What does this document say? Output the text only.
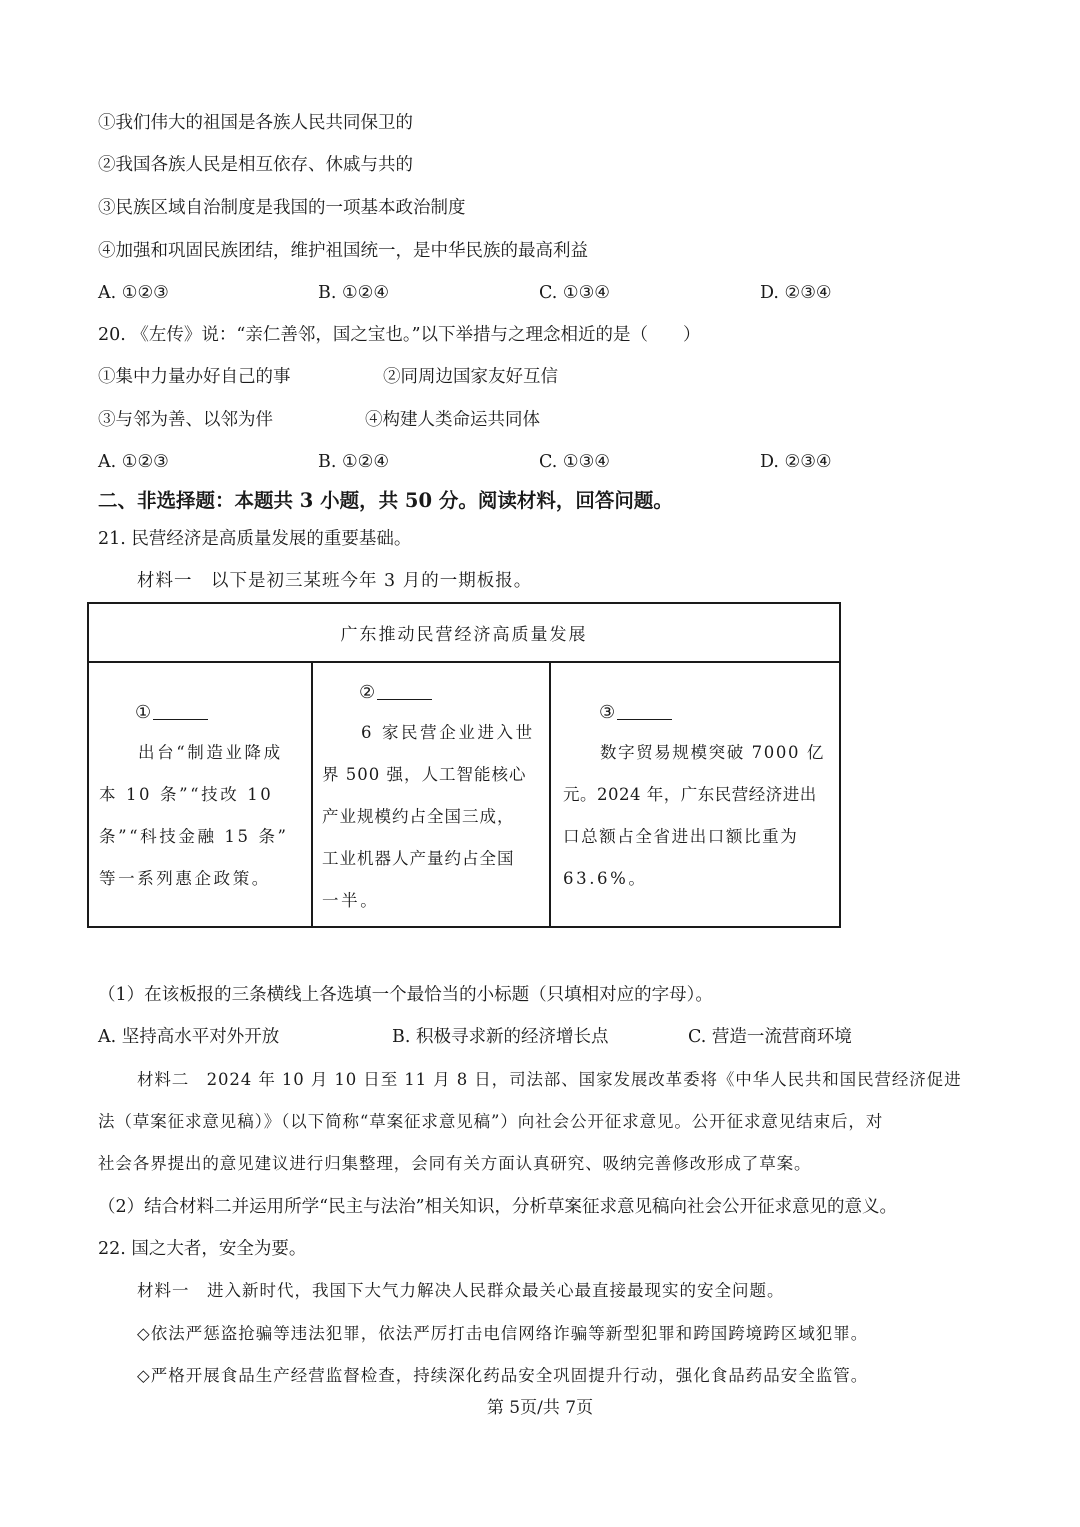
①我们伟大的祖国是各族人民共同保卫的
②我国各族人民是相互依存、休戚与共的
③民族区域自治制度是我国的一项基本政治制度
④加强和巩固民族团结，维护祖国统一，是中华民族的最高利益
A. ①②③	B. ①②④	C. ①③④	D. ②③④
20. 《左传》说：“亲仁善邻，国之宝也。”以下举措与之理念相近的是（　　）
①集中力量办好自己的事	②同周边国家友好互信
③与邻为善、以邻为伴	④构建人类命运共同体
A. ①②③	B. ①②④	C. ①③④	D. ②③④
二、非选择题：本题共 3 小题，共 50 分。阅读材料，回答问题。
21. 民营经济是高质量发展的重要基础。
材料一　以下是初三某班今年 3 月的一期板报。
广东推动民营经济高质量发展
①
出台“制造业降成
本 10 条”“技改 10
条”“科技金融 15 条”
等一系列惠企政策。
②
6 家民营企业进入世
界 500 强，人工智能核心
产业规模约占全国三成，
工业机器人产量约占全国
一半。
③
数字贸易规模突破 7000 亿
元。2024 年，广东民营经济进出
口总额占全省进出口额比重为
63.6%。
（1）在该板报的三条横线上各选填一个最恰当的小标题（只填相对应的字母）。
A. 坚持高水平对外开放	B. 积极寻求新的经济增长点	C. 营造一流营商环境
材料二　2024 年 10 月 10 日至 11 月 8 日，司法部、国家发展改革委将《中华人民共和国民营经济促进
法（草案征求意见稿）》（以下简称“草案征求意见稿”）向社会公开征求意见。公开征求意见结束后，对
社会各界提出的意见建议进行归集整理，会同有关方面认真研究、吸纳完善修改形成了草案。
（2）结合材料二并运用所学“民主与法治”相关知识，分析草案征求意见稿向社会公开征求意见的意义。
22. 国之大者，安全为要。
材料一　进入新时代，我国下大气力解决人民群众最关心最直接最现实的安全问题。
◇依法严惩盗抢骗等违法犯罪，依法严厉打击电信网络诈骗等新型犯罪和跨国跨境跨区域犯罪。
◇严格开展食品生产经营监督检查，持续深化药品安全巩固提升行动，强化食品药品安全监管。
第 5页/共 7页
